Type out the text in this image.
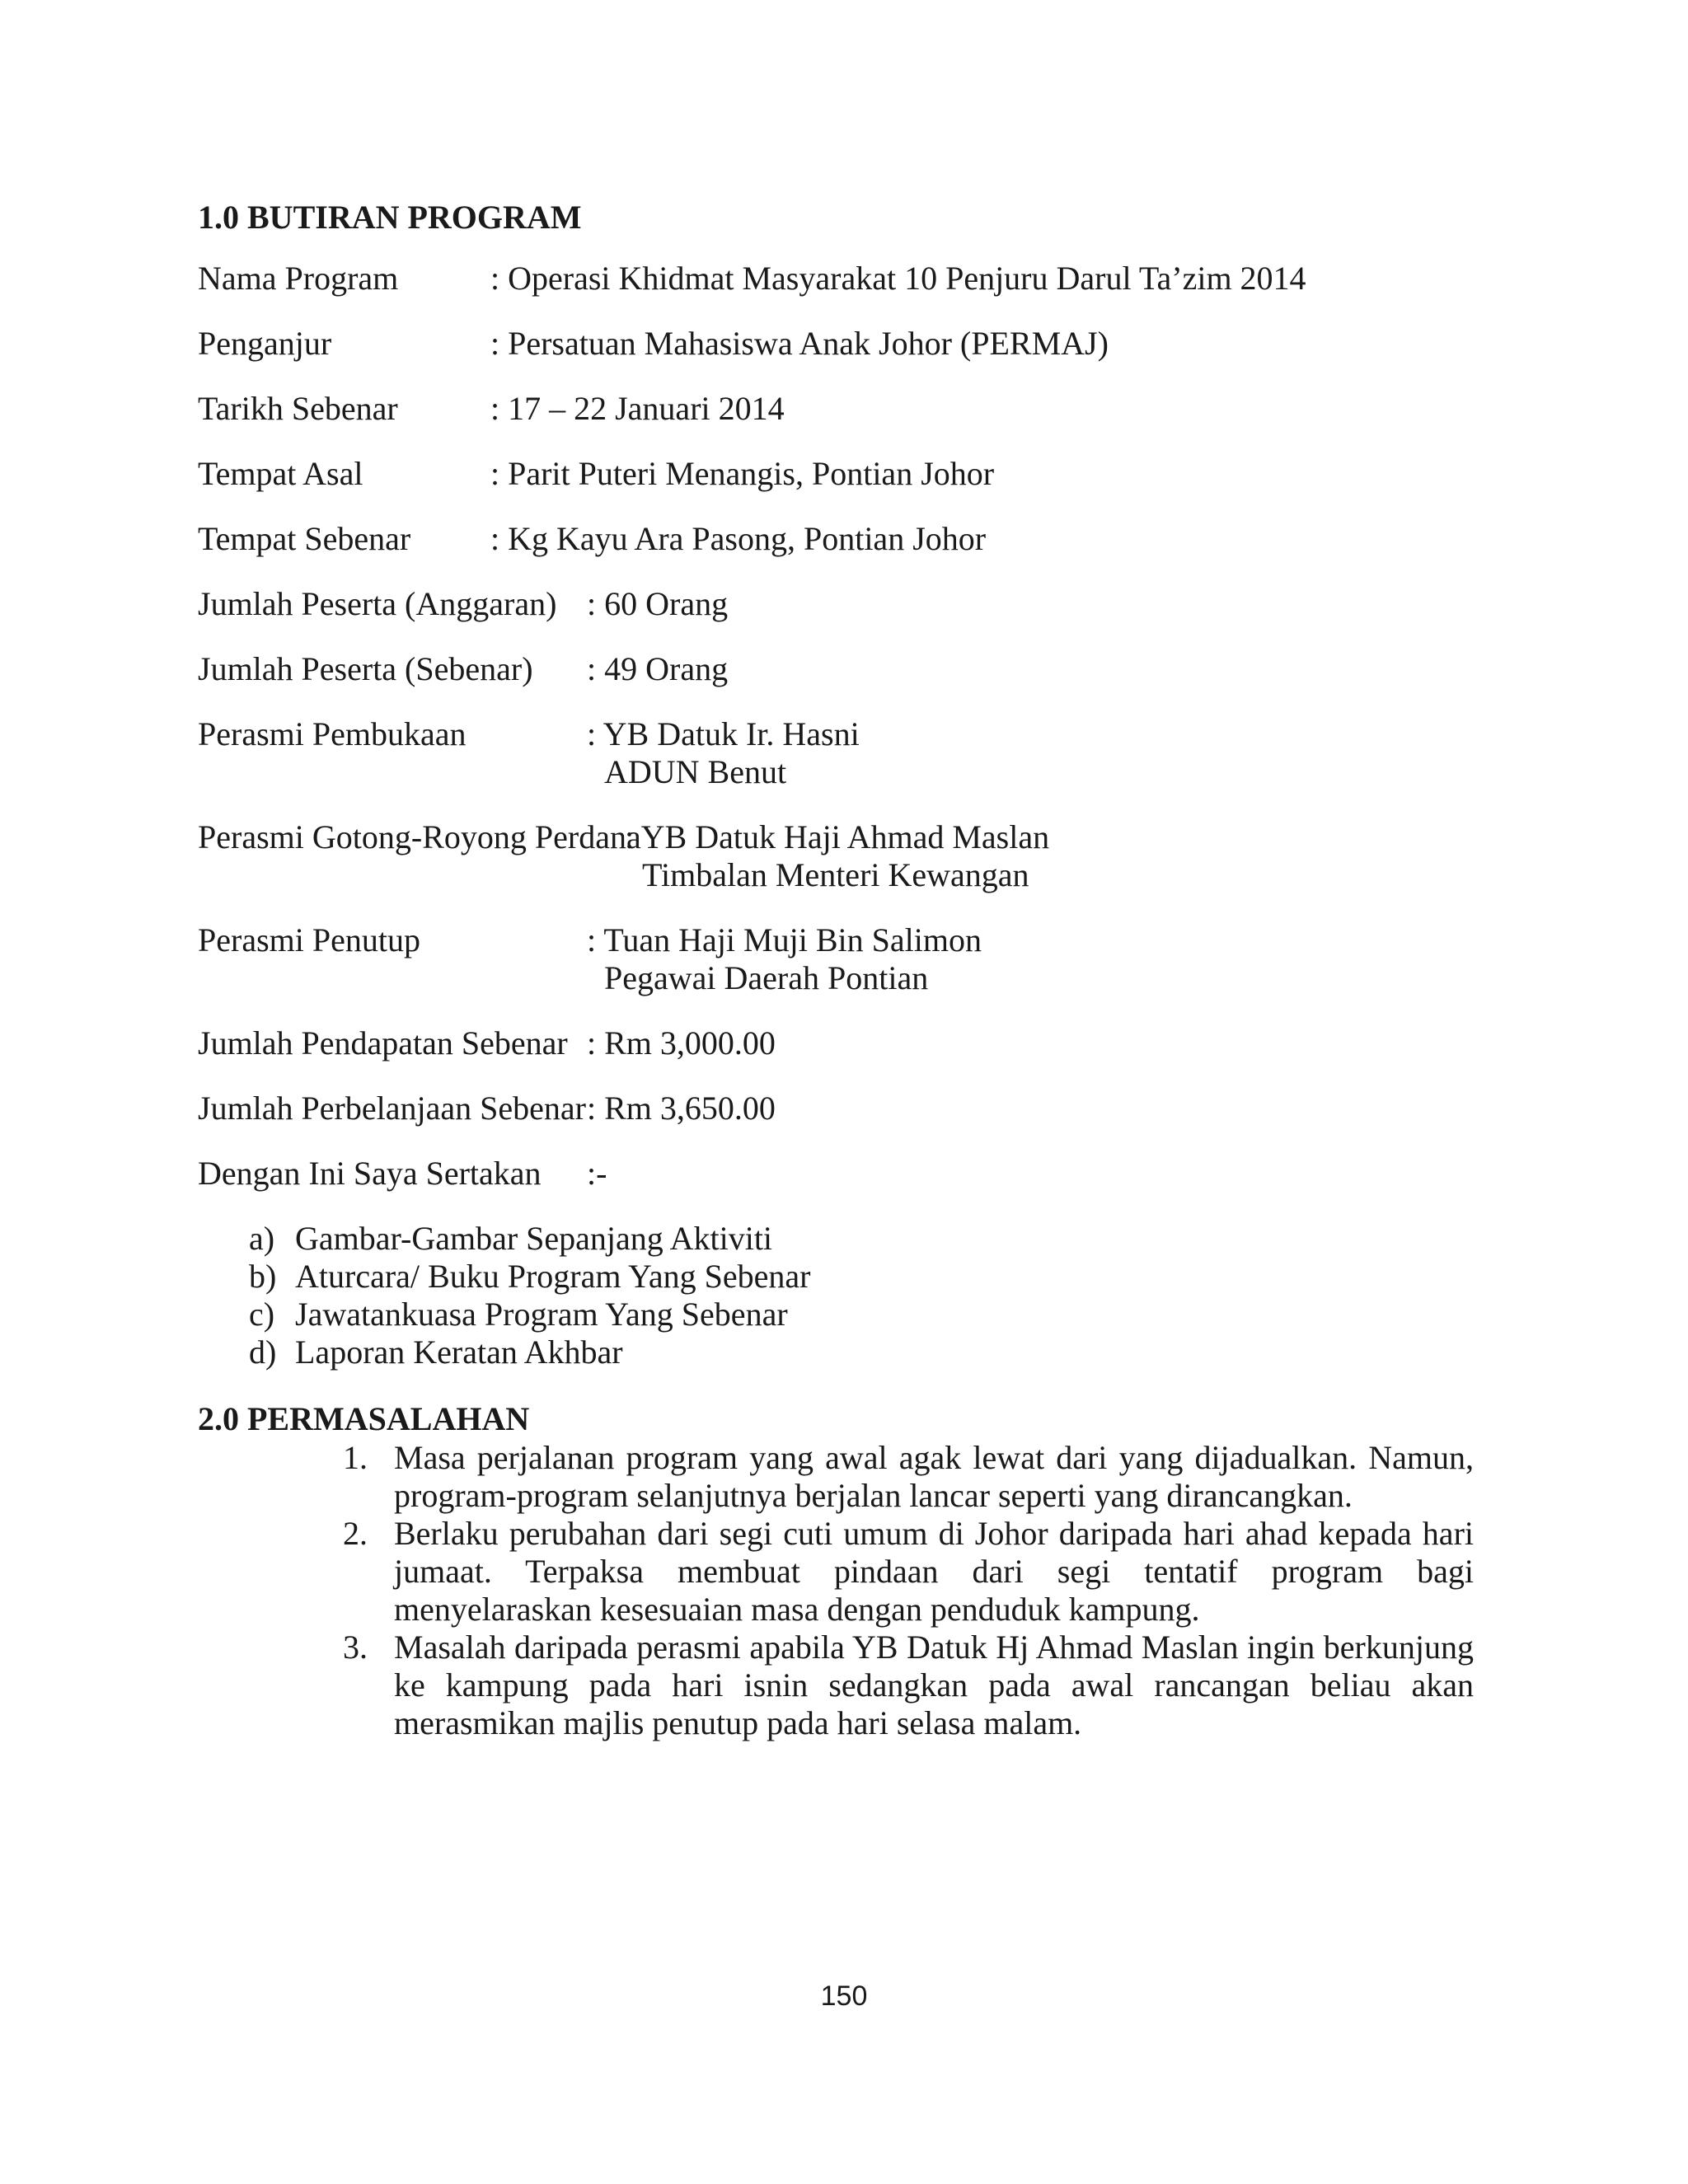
1.0 BUTIRAN PROGRAM
Nama Program	: Operasi Khidmat Masyarakat 10 Penjuru Darul Ta’zim 2014
Penganjur	: Persatuan Mahasiswa Anak Johor (PERMAJ)
Tarikh Sebenar	: 17 – 22 Januari 2014
Tempat Asal	: Parit Puteri Menangis, Pontian Johor
Tempat Sebenar : Kg Kayu Ara Pasong, Pontian Johor
Jumlah Peserta (Anggaran) : 60 Orang
Jumlah Peserta (Sebenar) : 49 Orang
Perasmi Pembukaan	: YB Datuk Ir. Hasni
ADUN Benut
Perasmi Gotong-Royong Perdana
: YB Datuk Haji Ahmad Maslan
Timbalan Menteri Kewangan
Perasmi Penutup	: Tuan Haji Muji Bin Salimon
Pegawai Daerah Pontian
Jumlah Pendapatan Sebenar : Rm 3,000.00
Jumlah Perbelanjaan Sebenar : Rm 3,650.00
Dengan Ini Saya Sertakan :-
a) Gambar-Gambar Sepanjang Aktiviti
b) Aturcara/ Buku Program Yang Sebenar
c) Jawatankuasa Program Yang Sebenar
d) Laporan Keratan Akhbar
2.0 PERMASALAHAN
1. Masa perjalanan program yang awal agak lewat dari yang dijadualkan. Namun, program-program selanjutnya berjalan lancar seperti yang dirancangkan.
2. Berlaku perubahan dari segi cuti umum di Johor daripada hari ahad kepada hari jumaat. Terpaksa membuat pindaan dari segi tentatif program bagi menyelaraskan kesesuaian masa dengan penduduk kampung.
3. Masalah daripada perasmi apabila YB Datuk Hj Ahmad Maslan ingin berkunjung ke kampung pada hari isnin sedangkan pada awal rancangan beliau akan merasmikan majlis penutup pada hari selasa malam.
150
